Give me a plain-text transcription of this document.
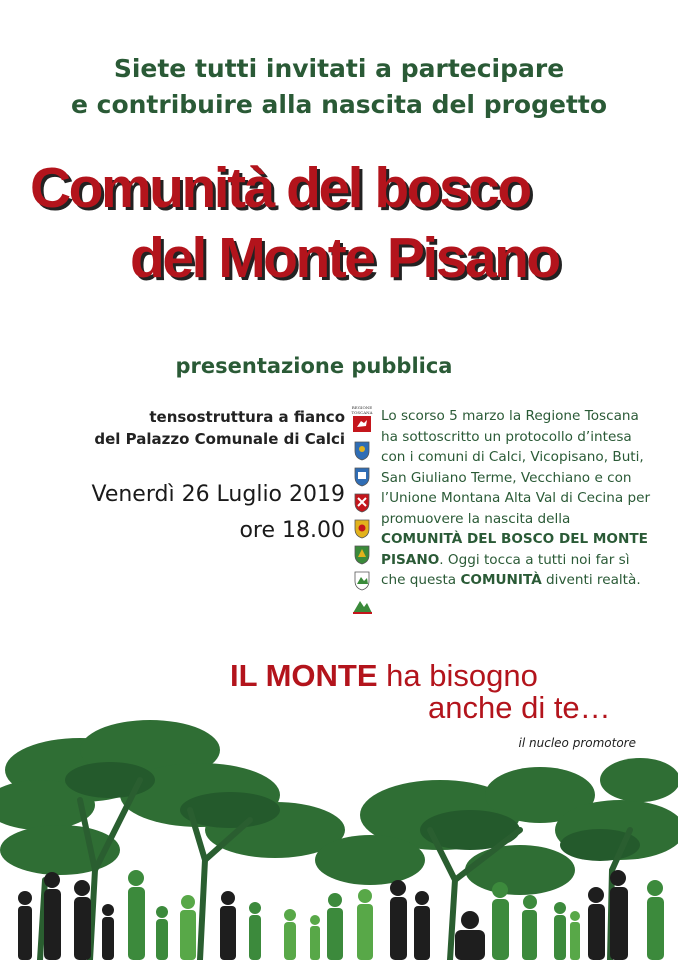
Siete tutti invitati a partecipare
e contribuire alla nascita del progetto
Comunità del bosco
del Monte Pisano
presentazione pubblica
tensostruttura a fianco
del Palazzo Comunale di Calci
Venerdì 26 Luglio 2019
ore 18.00
REGIONE TOSCANA Lo scorso 5 marzo la Regione Toscana ha sottoscritto un protocollo d’intesa con i comuni di Calci, Vicopisano, Buti, San Giuliano Terme, Vecchiano e con l’Unione Montana Alta Val di Cecina per promuovere la nascita della COMUNITÀ DEL BOSCO DEL MONTE PISANO. Oggi tocca a tutti noi far sì che questa COMUNITÀ diventi realtà.
IL MONTE ha bisogno
anche di te…
il nucleo promotore
